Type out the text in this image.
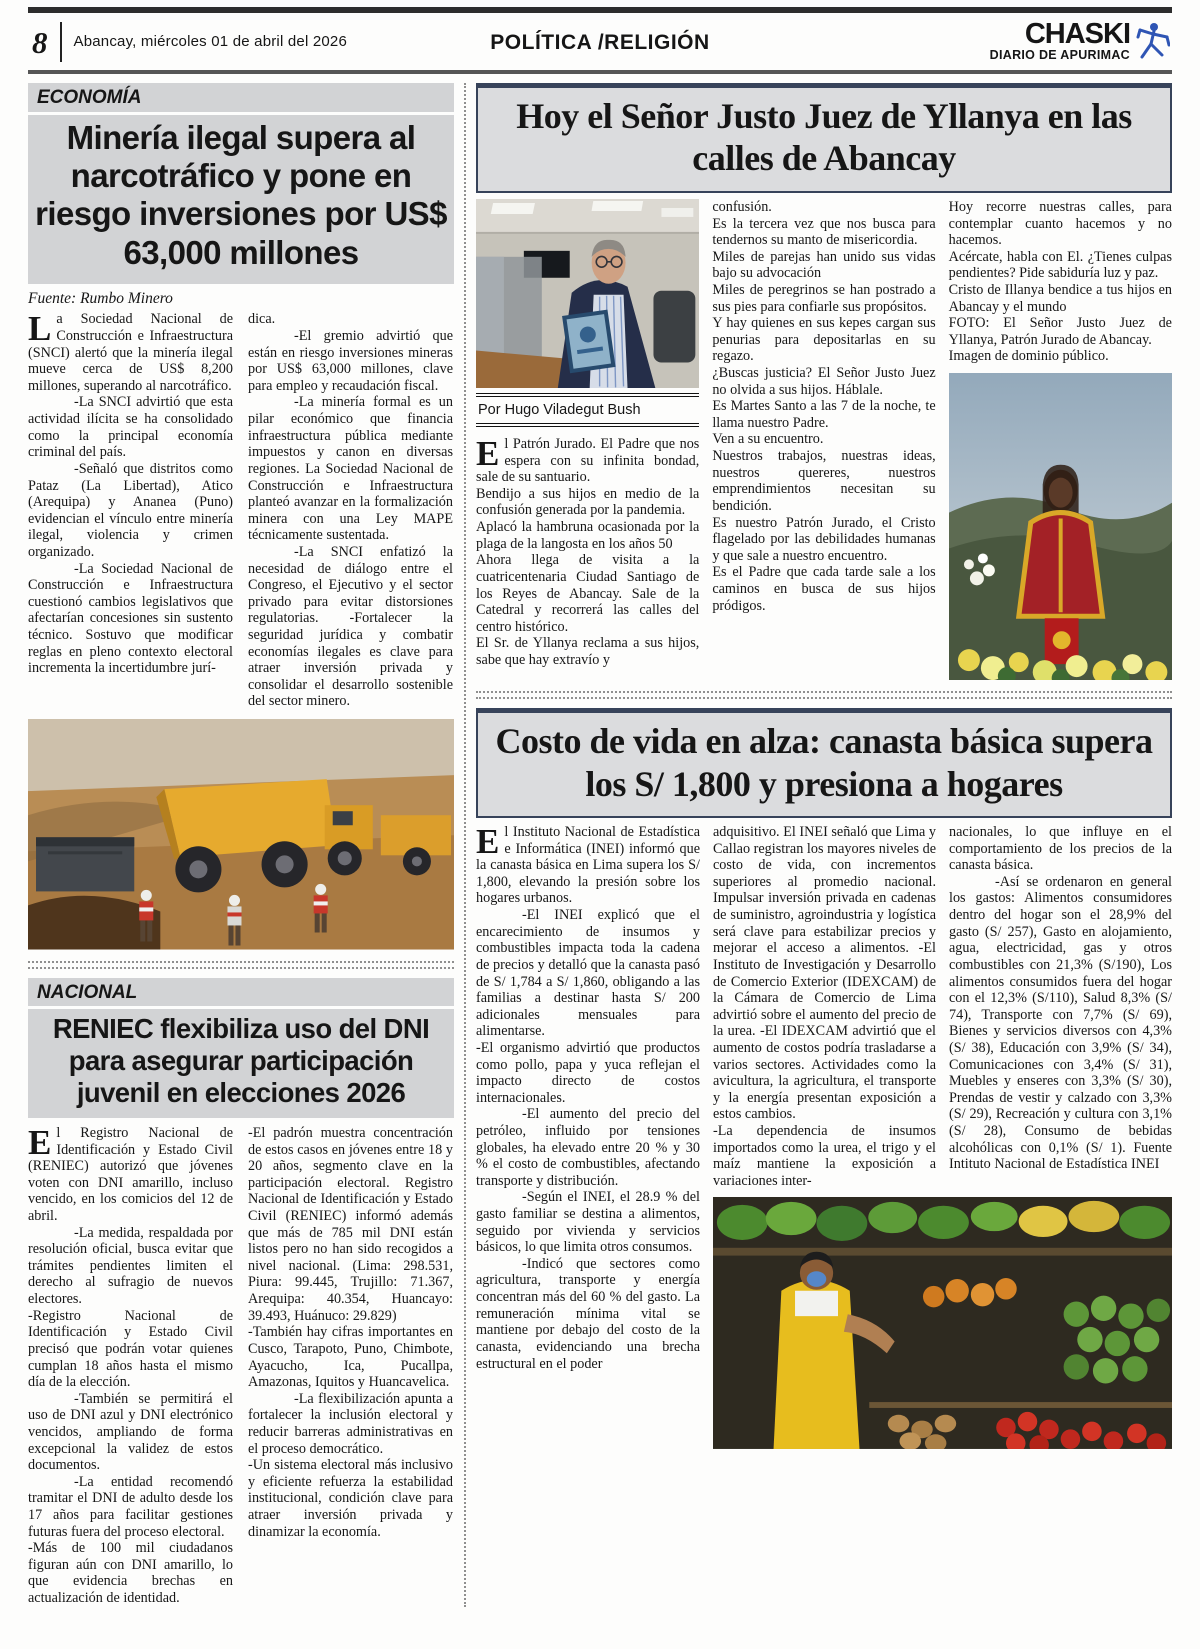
8	Abancay, miércoles 01 de abril del 2026	POLÍTICA /RELIGIÓN	CHASKI
DIARIO DE APURIMAC
ECONOMÍA
Minería ilegal supera al narcotráfico y pone en riesgo inversiones por US$ 63,000 millones
Fuente: Rumbo Minero

La Sociedad Nacional de Construcción e Infraestructura (SNCI) alertó que la minería ilegal mueve cerca de US$ 8,200 millones, superando al narcotráfico.

-La SNCI advirtió que esta actividad ilícita se ha consolidado como la principal economía criminal del país.

-Señaló que distritos como Pataz (La Libertad), Atico (Arequipa) y Ananea (Puno) evidencian el vínculo entre minería ilegal, violencia y crimen organizado.

-La Sociedad Nacional de Construcción e Infraestructura cuestionó cambios legislativos que afectarían concesiones sin sustento técnico. Sostuvo que modificar reglas en pleno contexto electoral incrementa la incertidumbre jurí-

dica.

-El gremio advirtió que están en riesgo inversiones mineras por US$ 63,000 millones, clave para empleo y recaudación fiscal.

-La minería formal es un pilar económico que financia infraestructura pública mediante impuestos y canon en diversas regiones. La Sociedad Nacional de Construcción e Infraestructura planteó avanzar en la formalización minera con una Ley MAPE técnicamente sustentada.

-La SNCI enfatizó la necesidad de diálogo entre el Congreso, el Ejecutivo y el sector privado para evitar distorsiones regulatorias. -Fortalecer la seguridad jurídica y combatir economías ilegales es clave para atraer inversión privada y consolidar el desarrollo sostenible del sector minero.

NACIONAL
RENIEC flexibiliza uso del DNI para asegurar participación juvenil en elecciones 2026

El Registro Nacional de Identificación y Estado Civil (RENIEC) autorizó que jóvenes voten con DNI amarillo, incluso vencido, en los comicios del 12 de abril.

-La medida, respaldada por resolución oficial, busca evitar que trámites pendientes limiten el derecho al sufragio de nuevos electores.

-Registro Nacional de Identificación y Estado Civil precisó que podrán votar quienes cumplan 18 años hasta el mismo día de la elección.

-También se permitirá el uso de DNI azul y DNI electrónico vencidos, ampliando de forma excepcional la validez de estos documentos.

-La entidad recomendó tramitar el DNI de adulto desde los 17 años para facilitar gestiones futuras fuera del proceso electoral.

-Más de 100 mil ciudadanos figuran aún con DNI amarillo, lo que evidencia brechas en actualización de identidad.

-El padrón muestra concentración de estos casos en jóvenes entre 18 y 20 años, segmento clave en la participación electoral. Registro Nacional de Identificación y Estado Civil (RENIEC) informó además que más de 785 mil DNI están listos pero no han sido recogidos a nivel nacional. (Lima: 298.531, Piura: 99.445, Trujillo: 71.367, Arequipa: 40.354, Huancayo: 39.493, Huánuco: 29.829)

-También hay cifras importantes en Cusco, Tarapoto, Puno, Chimbote, Ayacucho, Ica, Pucallpa, Amazonas, Iquitos y Huancavelica.

-La flexibilización apunta a fortalecer la inclusión electoral y reducir barreras administrativas en el proceso democrático.

-Un sistema electoral más inclusivo y eficiente refuerza la estabilidad institucional, condición clave para atraer inversión privada y dinamizar la economía.

Hoy el Señor Justo Juez de Yllanya en las calles de Abancay
Por Hugo Viladegut Bush

El Patrón Jurado. El Padre que nos espera con su infinita bondad, sale de su santuario.

Bendijo a sus hijos en medio de la confusión generada por la pandemia.

Aplacó la hambruna ocasionada por la plaga de la langosta en los años 50

Ahora llega de visita a la cuatricentenaria Ciudad Santiago de los Reyes de Abancay. Sale de la Catedral y recorrerá las calles del centro histórico.

El Sr. de Yllanya reclama a sus hijos, sabe que hay extravío y

confusión.

Es la tercera vez que nos busca para tendernos su manto de misericordia.

Miles de parejas han unido sus vidas bajo su advocación

Miles de peregrinos se han postrado a sus pies para confiarle sus propósitos.

Y hay quienes en sus kepes cargan sus penurias para depositarlas en su regazo.

¿Buscas justicia? El Señor Justo Juez no olvida a sus hijos. Háblale.

Es Martes Santo a las 7 de la noche, te llama nuestro Padre.

Ven a su encuentro.

Nuestros trabajos, nuestras ideas, nuestros quereres, nuestros emprendimientos necesitan su bendición.

Es nuestro Patrón Jurado, el Cristo flagelado por las debilidades humanas y que sale a nuestro encuentro.

Es el Padre que cada tarde sale a los caminos en busca de sus hijos pródigos.

Hoy recorre nuestras calles, para contemplar cuanto hacemos y no hacemos.

Acércate, habla con El. ¿Tienes culpas pendientes? Pide sabiduría luz y paz.

Cristo de Illanya bendice a tus hijos en Abancay y el mundo

FOTO: El Señor Justo Juez de Yllanya, Patrón Jurado de Abancay.

Imagen de dominio público.

Costo de vida en alza: canasta básica supera los S/ 1,800 y presiona a hogares

El Instituto Nacional de Estadística e Informática (INEI) informó que la canasta básica en Lima supera los S/ 1,800, elevando la presión sobre los hogares urbanos.

-El INEI explicó que el encarecimiento de insumos y combustibles impacta toda la cadena de precios y detalló que la canasta pasó de S/ 1,784 a S/ 1,860, obligando a las familias a destinar hasta S/ 200 adicionales mensuales para alimentarse.

-El organismo advirtió que productos como pollo, papa y yuca reflejan el impacto directo de costos internacionales.

-El aumento del precio del petróleo, influido por tensiones globales, ha elevado entre 20 % y 30 % el costo de combustibles, afectando transporte y distribución.

-Según el INEI, el 28.9 % del gasto familiar se destina a alimentos, seguido por vivienda y servicios básicos, lo que limita otros consumos.

-Indicó que sectores como agricultura, transporte y energía concentran más del 60 % del gasto. La remuneración mínima vital se mantiene por debajo del costo de la canasta, evidenciando una brecha estructural en el poder

adquisitivo. El INEI señaló que Lima y Callao registran los mayores niveles de costo de vida, con incrementos superiores al promedio nacional. Impulsar inversión privada en cadenas de suministro, agroindustria y logística será clave para estabilizar precios y mejorar el acceso a alimentos. -El Instituto de Investigación y Desarrollo de Comercio Exterior (IDEXCAM) de la Cámara de Comercio de Lima advirtió sobre el aumento del precio de la urea. -El IDEXCAM advirtió que el aumento de costos podría trasladarse a varios sectores. Actividades como la avicultura, la agricultura, el transporte y la energía presentan exposición a estos cambios.

-La dependencia de insumos importados como la urea, el trigo y el maíz mantiene la exposición a variaciones inter-

nacionales, lo que influye en el comportamiento de los precios de la canasta básica.

-Así se ordenaron en general los gastos: Alimentos consumidores dentro del hogar son el 28,9% del gasto (S/ 257), Gasto en alojamiento, agua, electricidad, gas y otros combustibles con 21,3% (S/190), Los alimentos consumidos fuera del hogar con el 12,3% (S/110), Salud 8,3% (S/ 74), Transporte con 7,7% (S/ 69), Bienes y servicios diversos con 4,3% (S/ 38), Educación con 3,9% (S/ 34), Comunicaciones con 3,4% (S/ 31), Muebles y enseres con 3,3% (S/ 30), Prendas de vestir y calzado con 3,3% (S/ 29), Recreación y cultura con 3,1% (S/ 28), Consumo de bebidas alcohólicas con 0,1% (S/ 1). Fuente Intituto Nacional de Estadística INEI
